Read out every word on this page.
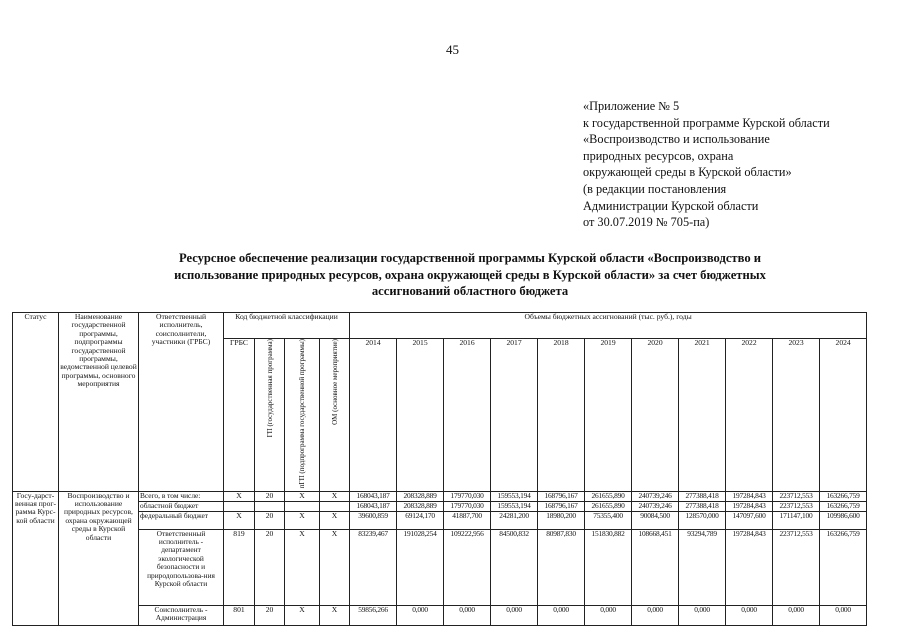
45
«Приложение № 5
к государственной программе Курской области
«Воспроизводство и использование
природных ресурсов, охрана
окружающей среды в Курской области»
(в редакции постановления
Администрации Курской области
от 30.07.2019 № 705-па)
Ресурсное обеспечение реализации государственной программы Курской области «Воспроизводство и
использование природных ресурсов, охрана окружающей среды в Курской области» за счет бюджетных
ассигнований областного бюджета
Статус	Наименование государственной программы, подпрограммы государственной программы, ведомственной целевой программы, основного мероприятия	Ответственный исполнитель, соисполнители, участники (ГРБС)	Код бюджетной классификации				Объемы бюджетных ассигнований (тыс. руб.), годы										
			ГРБС	ГП (государственная программа)	пГП (подпрограмма государственной программы)	ОМ (основное мероприятие)	2014	2015	2016	2017	2018	2019	2020	2021	2022	2023	2024
Госу-дарст-венная прог-рамма Курс-кой области	Воспроизводство и использование природных ресурсов, охрана окружающей среды в Курской области	Всего, в том числе:	X	20	X	X	168043,187	208328,889	179770,030	159553,194	168796,167	261655,890	240739,246	277388,418	197284,843	223712,553	163266,759
		областной бюджет					168043,187	208328,889	179770,030	159553,194	168796,167	261655,890	240739,246	277388,418	197284,843	223712,553	163266,759
		федеральный бюджет	X	20	X	X	39600,859	69124,170	41887,700	24281,200	18980,200	75355,400	90084,500	128570,000	147097,600	171147,100	109986,600
		Ответственный исполнитель - департамент экологической безопасности и природопользова-ния Курской области	819	20	X	X	83239,467	191028,254	109222,956	84500,832	80987,830	151830,882	108668,451	93294,789	197284,843	223712,553	163266,759
		Соисполнитель - Администрация	801	20	X	X	59856,266	0,000	0,000	0,000	0,000	0,000	0,000	0,000	0,000	0,000	0,000
